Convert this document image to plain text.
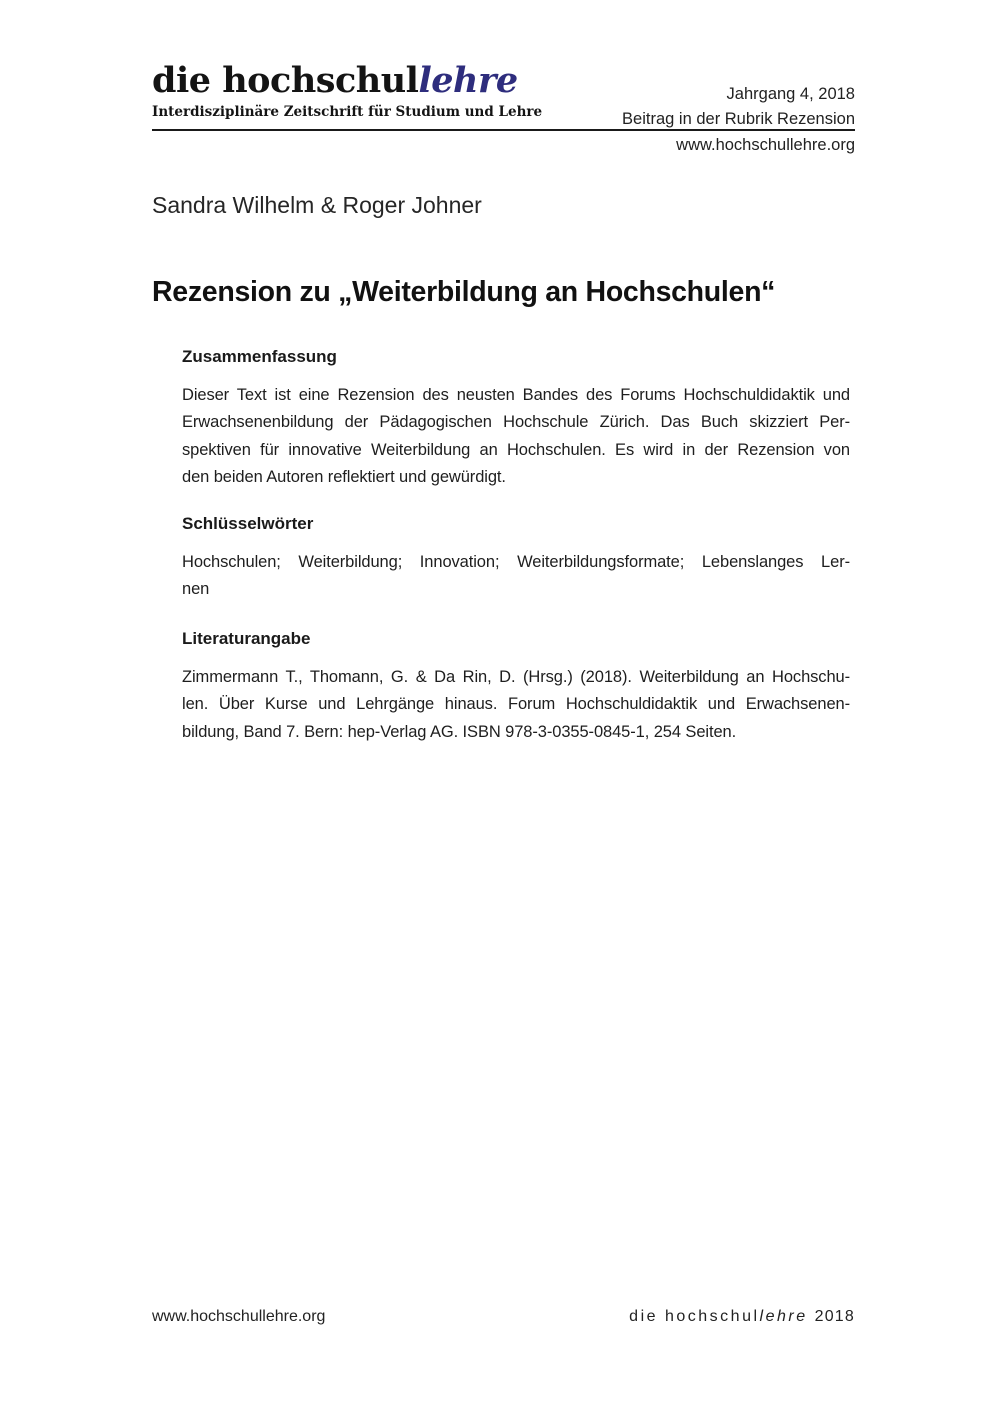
die hochschullehre
Interdisziplinäre Zeitschrift für Studium und Lehre
Jahrgang 4, 2018
Beitrag in der Rubrik Rezension
www.hochschullehre.org
Sandra Wilhelm & Roger Johner
Rezension zu „Weiterbildung an Hochschulen“
Zusammenfassung
Dieser Text ist eine Rezension des neusten Bandes des Forums Hochschuldidaktik und
Erwachsenenbildung der Pädagogischen Hochschule Zürich. Das Buch skizziert Per-
spektiven für innovative Weiterbildung an Hochschulen. Es wird in der Rezension von
den beiden Autoren reflektiert und gewürdigt.
Schlüsselwörter
Hochschulen; Weiterbildung; Innovation; Weiterbildungsformate; Lebenslanges Ler-
nen
Literaturangabe
Zimmermann T., Thomann, G. & Da Rin, D. (Hrsg.) (2018). Weiterbildung an Hochschu-
len. Über Kurse und Lehrgänge hinaus. Forum Hochschuldidaktik und Erwachsenen-
bildung, Band 7. Bern: hep-Verlag AG. ISBN 978-3-0355-0845-1, 254 Seiten.
www.hochschullehre.org	die hochschullehre 2018
